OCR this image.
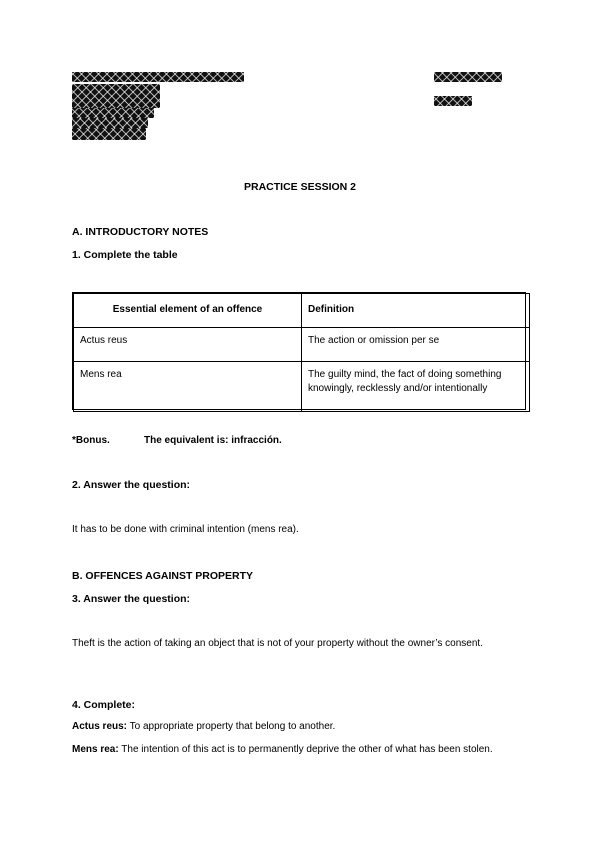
PRACTICE SESSION 2
A. INTRODUCTORY NOTES
1. Complete the table
Essential element of an offence	Definition

Actus reus	The action or omission per se

Mens rea	The guilty mind, the fact of doing something knowingly, recklessly and/or intentionally
*Bonus.	The equivalent is: infracción.
2. Answer the question:
It has to be done with criminal intention (mens rea).
B. OFFENCES AGAINST PROPERTY
3. Answer the question:
Theft is the action of taking an object that is not of your property without the owner’s consent.
4. Complete:
Actus reus: To appropriate property that belong to another.
Mens rea: The intention of this act is to permanently deprive the other of what has been stolen.
